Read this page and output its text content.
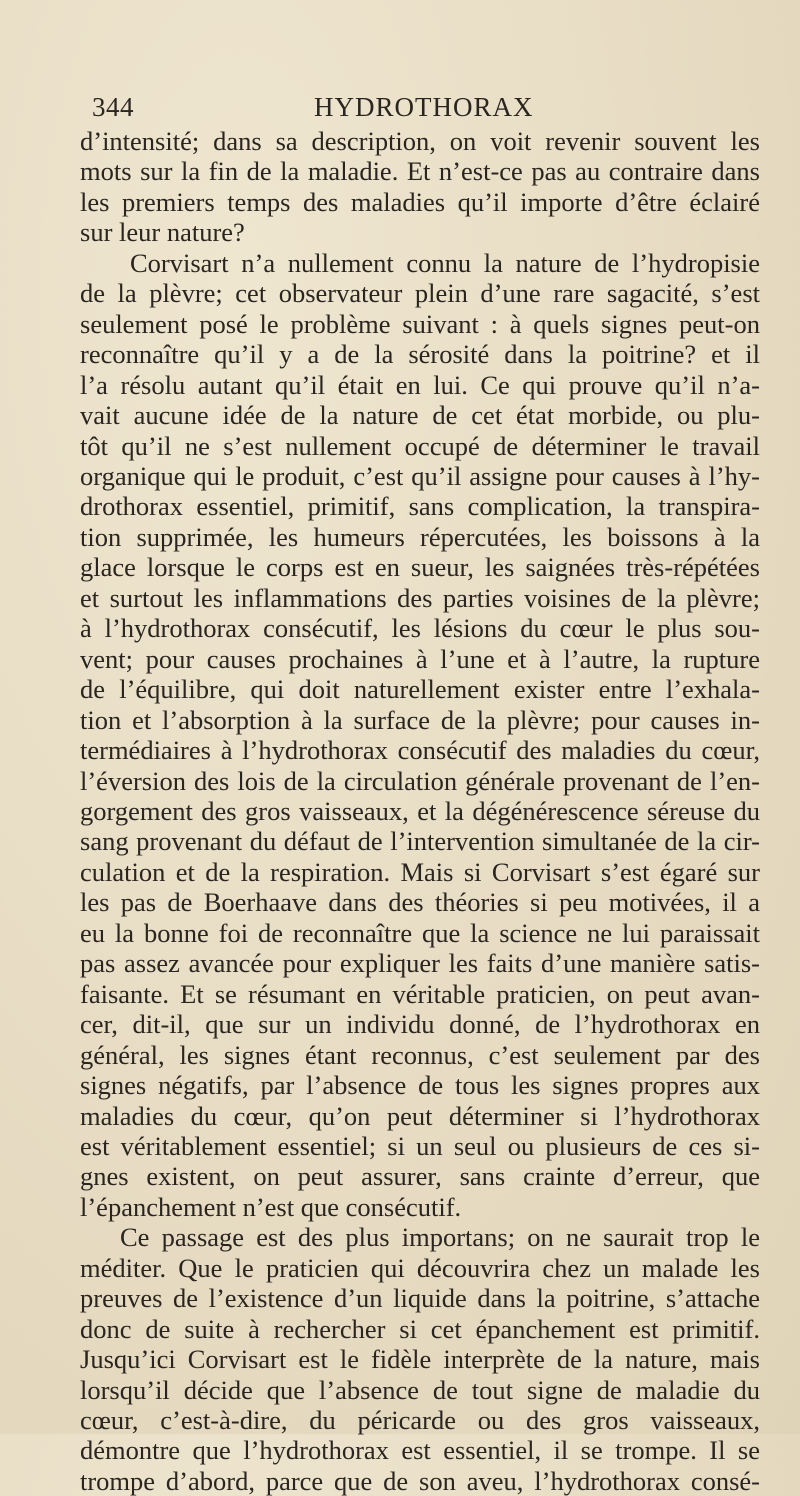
344	HYDROTHORAX
d’intensité; dans sa description, on voit revenir souvent les
mots sur la fin de la maladie. Et n’est-ce pas au contraire dans
les premiers temps des maladies qu’il importe d’être éclairé
sur leur nature?
Corvisart n’a nullement connu la nature de l’hydropisie
de la plèvre; cet observateur plein d’une rare sagacité, s’est
seulement posé le problème suivant : à quels signes peut-on
reconnaître qu’il y a de la sérosité dans la poitrine? et il
l’a résolu autant qu’il était en lui. Ce qui prouve qu’il n’a-
vait aucune idée de la nature de cet état morbide, ou plu-
tôt qu’il ne s’est nullement occupé de déterminer le travail
organique qui le produit, c’est qu’il assigne pour causes à l’hy-
drothorax essentiel, primitif, sans complication, la transpira-
tion supprimée, les humeurs répercutées, les boissons à la
glace lorsque le corps est en sueur, les saignées très-répétées
et surtout les inflammations des parties voisines de la plèvre;
à l’hydrothorax consécutif, les lésions du cœur le plus sou-
vent; pour causes prochaines à l’une et à l’autre, la rupture
de l’équilibre, qui doit naturellement exister entre l’exhala-
tion et l’absorption à la surface de la plèvre; pour causes in-
termédiaires à l’hydrothorax consécutif des maladies du cœur,
l’éversion des lois de la circulation générale provenant de l’en-
gorgement des gros vaisseaux, et la dégénérescence séreuse du
sang provenant du défaut de l’intervention simultanée de la cir-
culation et de la respiration. Mais si Corvisart s’est égaré sur
les pas de Boerhaave dans des théories si peu motivées, il a
eu la bonne foi de reconnaître que la science ne lui paraissait
pas assez avancée pour expliquer les faits d’une manière satis-
faisante. Et se résumant en véritable praticien, on peut avan-
cer, dit-il, que sur un individu donné, de l’hydrothorax en
général, les signes étant reconnus, c’est seulement par des
signes négatifs, par l’absence de tous les signes propres aux
maladies du cœur, qu’on peut déterminer si l’hydrothorax
est véritablement essentiel; si un seul ou plusieurs de ces si-
gnes existent, on peut assurer, sans crainte d’erreur, que
l’épanchement n’est que consécutif.
Ce passage est des plus importans; on ne saurait trop le
méditer. Que le praticien qui découvrira chez un malade les
preuves de l’existence d’un liquide dans la poitrine, s’attache
donc de suite à rechercher si cet épanchement est primitif.
Jusqu’ici Corvisart est le fidèle interprète de la nature, mais
lorsqu’il décide que l’absence de tout signe de maladie du
cœur, c’est-à-dire, du péricarde ou des gros vaisseaux,
démontre que l’hydrothorax est essentiel, il se trompe. Il se
trompe d’abord, parce que de son aveu, l’hydrothorax consé-
